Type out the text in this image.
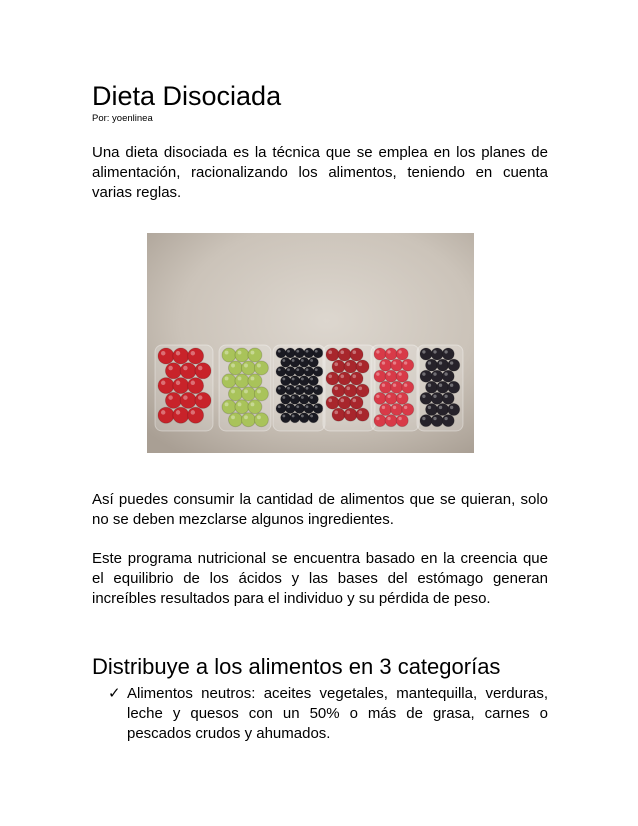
Dieta Disociada
Por: yoenlinea

Una dieta disociada es la técnica que se emplea en los planes de alimentación, racionalizando los alimentos, teniendo en cuenta varias reglas.

Así puedes consumir la cantidad de alimentos que se quieran, solo no se deben mezclarse algunos ingredientes.

Este programa nutricional se encuentra basado en la creencia que el equilibrio de los ácidos y las bases del estómago generan increíbles resultados para el individuo y su pérdida de peso.

Distribuye a los alimentos en 3 categorías
✓ Alimentos neutros: aceites vegetales, mantequilla, verduras, leche y quesos con un 50% o más de grasa, carnes o pescados crudos y ahumados.
